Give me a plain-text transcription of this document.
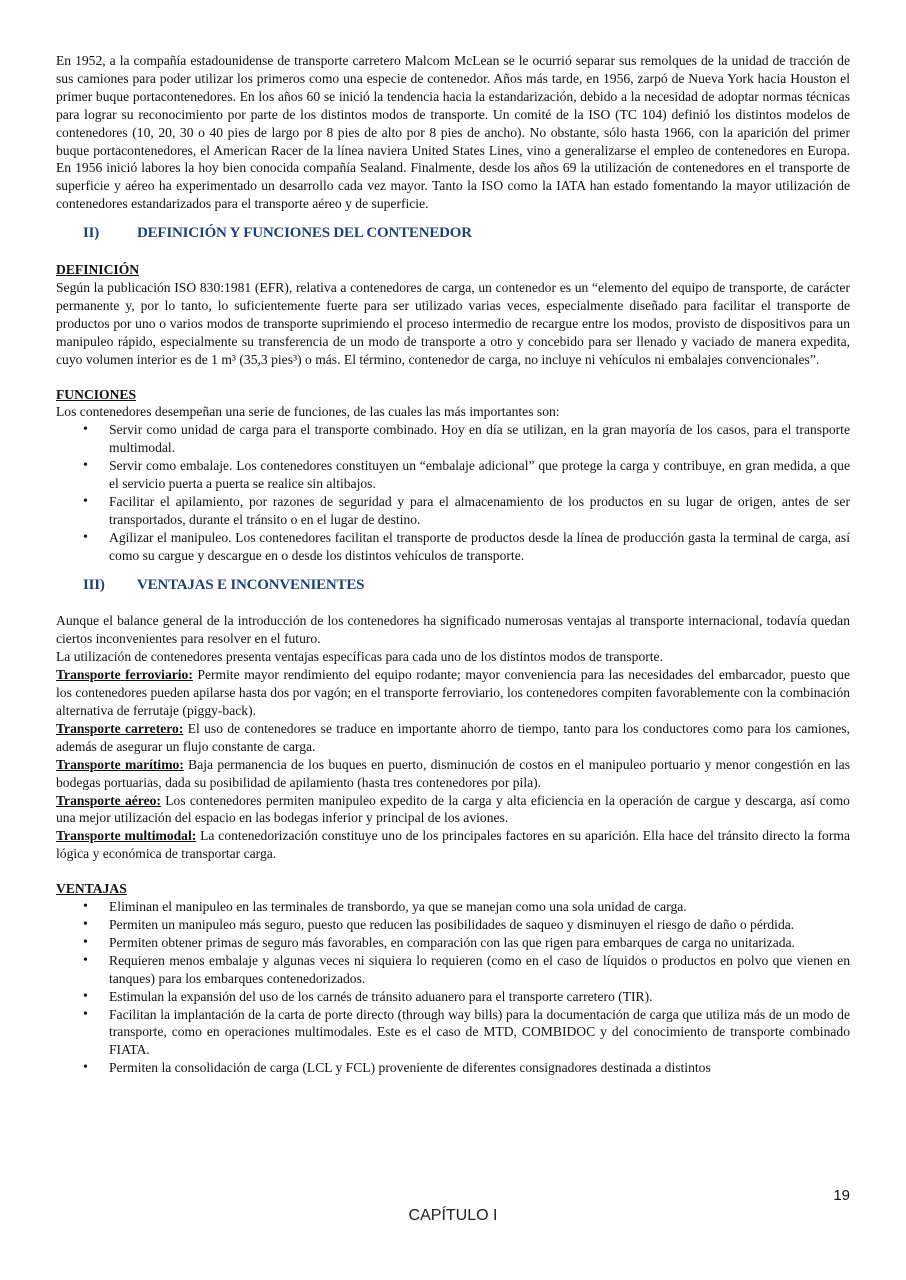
En 1952, a la compañía estadounidense de transporte carretero Malcom McLean se le ocurrió separar sus remolques de la unidad de tracción de sus camiones para poder utilizar los primeros como una especie de contenedor. Años más tarde, en 1956, zarpó de Nueva York hacia Houston el primer buque portacontenedores. En los años 60 se inició la tendencia hacia la estandarización, debido a la necesidad de adoptar normas técnicas para lograr su reconocimiento por parte de los distintos modos de transporte. Un comité de la ISO (TC 104) definió los distintos modelos de contenedores (10, 20, 30 o 40 pies de largo por 8 pies de alto por 8 pies de ancho). No obstante, sólo hasta 1966, con la aparición del primer buque portacontenedores, el American Racer de la línea naviera United States Lines, vino a generalizarse el empleo de contenedores en Europa. En 1956 inició labores la hoy bien conocida compañía Sealand. Finalmente, desde los años 69 la utilización de contenedores en el transporte de superficie y aéreo ha experimentado un desarrollo cada vez mayor. Tanto la ISO como la IATA han estado fomentando la mayor utilización de contenedores estandarizados para el transporte aéreo y de superficie.

II)	DEFINICIÓN Y FUNCIONES DEL CONTENEDOR
DEFINICIÓN

Según la publicación ISO 830:1981 (EFR), relativa a contenedores de carga, un contenedor es un “elemento del equipo de transporte, de carácter permanente y, por lo tanto, lo suficientemente fuerte para ser utilizado varias veces, especialmente diseñado para facilitar el transporte de productos por uno o varios modos de transporte suprimiendo el proceso intermedio de recargue entre los modos, provisto de dispositivos para un manipuleo rápido, especialmente su transferencia de un modo de transporte a otro y concebido para ser llenado y vaciado de manera expedita, cuyo volumen interior es de 1 m³ (35,3 pies³) o más. El término, contenedor de carga, no incluye ni vehículos ni embalajes convencionales”.

FUNCIONES

Los contenedores desempeñan una serie de funciones, de las cuales las más importantes son:

• Servir como unidad de carga para el transporte combinado. Hoy en día se utilizan, en la gran mayoría de los casos, para el transporte multimodal.
• Servir como embalaje. Los contenedores constituyen un “embalaje adicional” que protege la carga y contribuye, en gran medida, a que el servicio puerta a puerta se realice sin altibajos.
• Facilitar el apilamiento, por razones de seguridad y para el almacenamiento de los productos en su lugar de origen, antes de ser transportados, durante el tránsito o en el lugar de destino.
• Agilizar el manipuleo. Los contenedores facilitan el transporte de productos desde la línea de producción gasta la terminal de carga, así como su cargue y descargue en o desde los distintos vehículos de transporte.
III)	VENTAJAS E INCONVENIENTES

Aunque el balance general de la introducción de los contenedores ha significado numerosas ventajas al transporte internacional, todavía quedan ciertos inconvenientes para resolver en el futuro.

La utilización de contenedores presenta ventajas específicas para cada uno de los distintos modos de transporte.

Transporte ferroviario: Permite mayor rendimiento del equipo rodante; mayor conveniencia para las necesidades del embarcador, puesto que los contenedores pueden apilarse hasta dos por vagón; en el transporte ferroviario, los contenedores compiten favorablemente con la combinación alternativa de ferrutaje (piggy-back).

Transporte carretero: El uso de contenedores se traduce en importante ahorro de tiempo, tanto para los conductores como para los camiones, además de asegurar un flujo constante de carga.

Transporte marítimo: Baja permanencia de los buques en puerto, disminución de costos en el manipuleo portuario y menor congestión en las bodegas portuarias, dada su posibilidad de apilamiento (hasta tres contenedores por pila).

Transporte aéreo: Los contenedores permiten manipuleo expedito de la carga y alta eficiencia en la operación de cargue y descarga, así como una mejor utilización del espacio en las bodegas inferior y principal de los aviones.

Transporte multimodal: La contenedorización constituye uno de los principales factores en su aparición. Ella hace del tránsito directo la forma lógica y económica de transportar carga.

VENTAJAS
• Eliminan el manipuleo en las terminales de transbordo, ya que se manejan como una sola unidad de carga.
• Permiten un manipuleo más seguro, puesto que reducen las posibilidades de saqueo y disminuyen el riesgo de daño o pérdida.
• Permiten obtener primas de seguro más favorables, en comparación con las que rigen para embarques de carga no unitarizada.
• Requieren menos embalaje y algunas veces ni siquiera lo requieren (como en el caso de líquidos o productos en polvo que vienen en tanques) para los embarques contenedorizados.
• Estimulan la expansión del uso de los carnés de tránsito aduanero para el transporte carretero (TIR).
• Facilitan la implantación de la carta de porte directo (through way bills) para la documentación de carga que utiliza más de un modo de transporte, como en operaciones multimodales. Este es el caso de MTD, COMBIDOC y del conocimiento de transporte combinado FIATA.
• Permiten la consolidación de carga (LCL y FCL) proveniente de diferentes consignadores destinada a distintos
19
CAPÍTULO I
